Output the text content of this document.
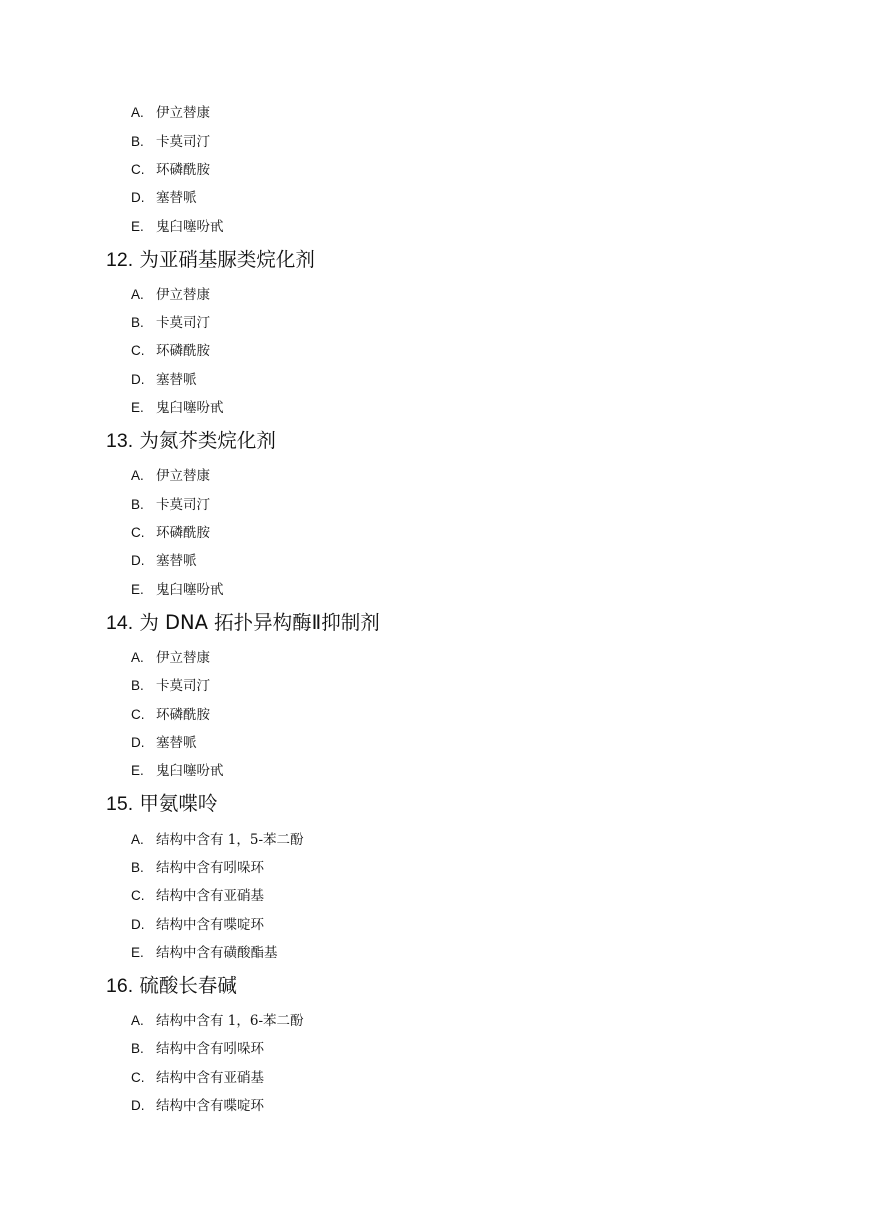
A. 伊立替康
B. 卡莫司汀
C. 环磷酰胺
D. 塞替哌
E. 鬼臼噻吩甙
12. 为亚硝基脲类烷化剂
A. 伊立替康
B. 卡莫司汀
C. 环磷酰胺
D. 塞替哌
E. 鬼臼噻吩甙
13. 为氮芥类烷化剂
A. 伊立替康
B. 卡莫司汀
C. 环磷酰胺
D. 塞替哌
E. 鬼臼噻吩甙
14. 为 DNA 拓扑异构酶Ⅱ抑制剂
A. 伊立替康
B. 卡莫司汀
C. 环磷酰胺
D. 塞替哌
E. 鬼臼噻吩甙
15. 甲氨喋呤
A. 结构中含有 1，5-苯二酚
B. 结构中含有吲哚环
C. 结构中含有亚硝基
D. 结构中含有喋啶环
E. 结构中含有磺酸酯基
16. 硫酸长春碱
A. 结构中含有 1，6-苯二酚
B. 结构中含有吲哚环
C. 结构中含有亚硝基
D. 结构中含有喋啶环
